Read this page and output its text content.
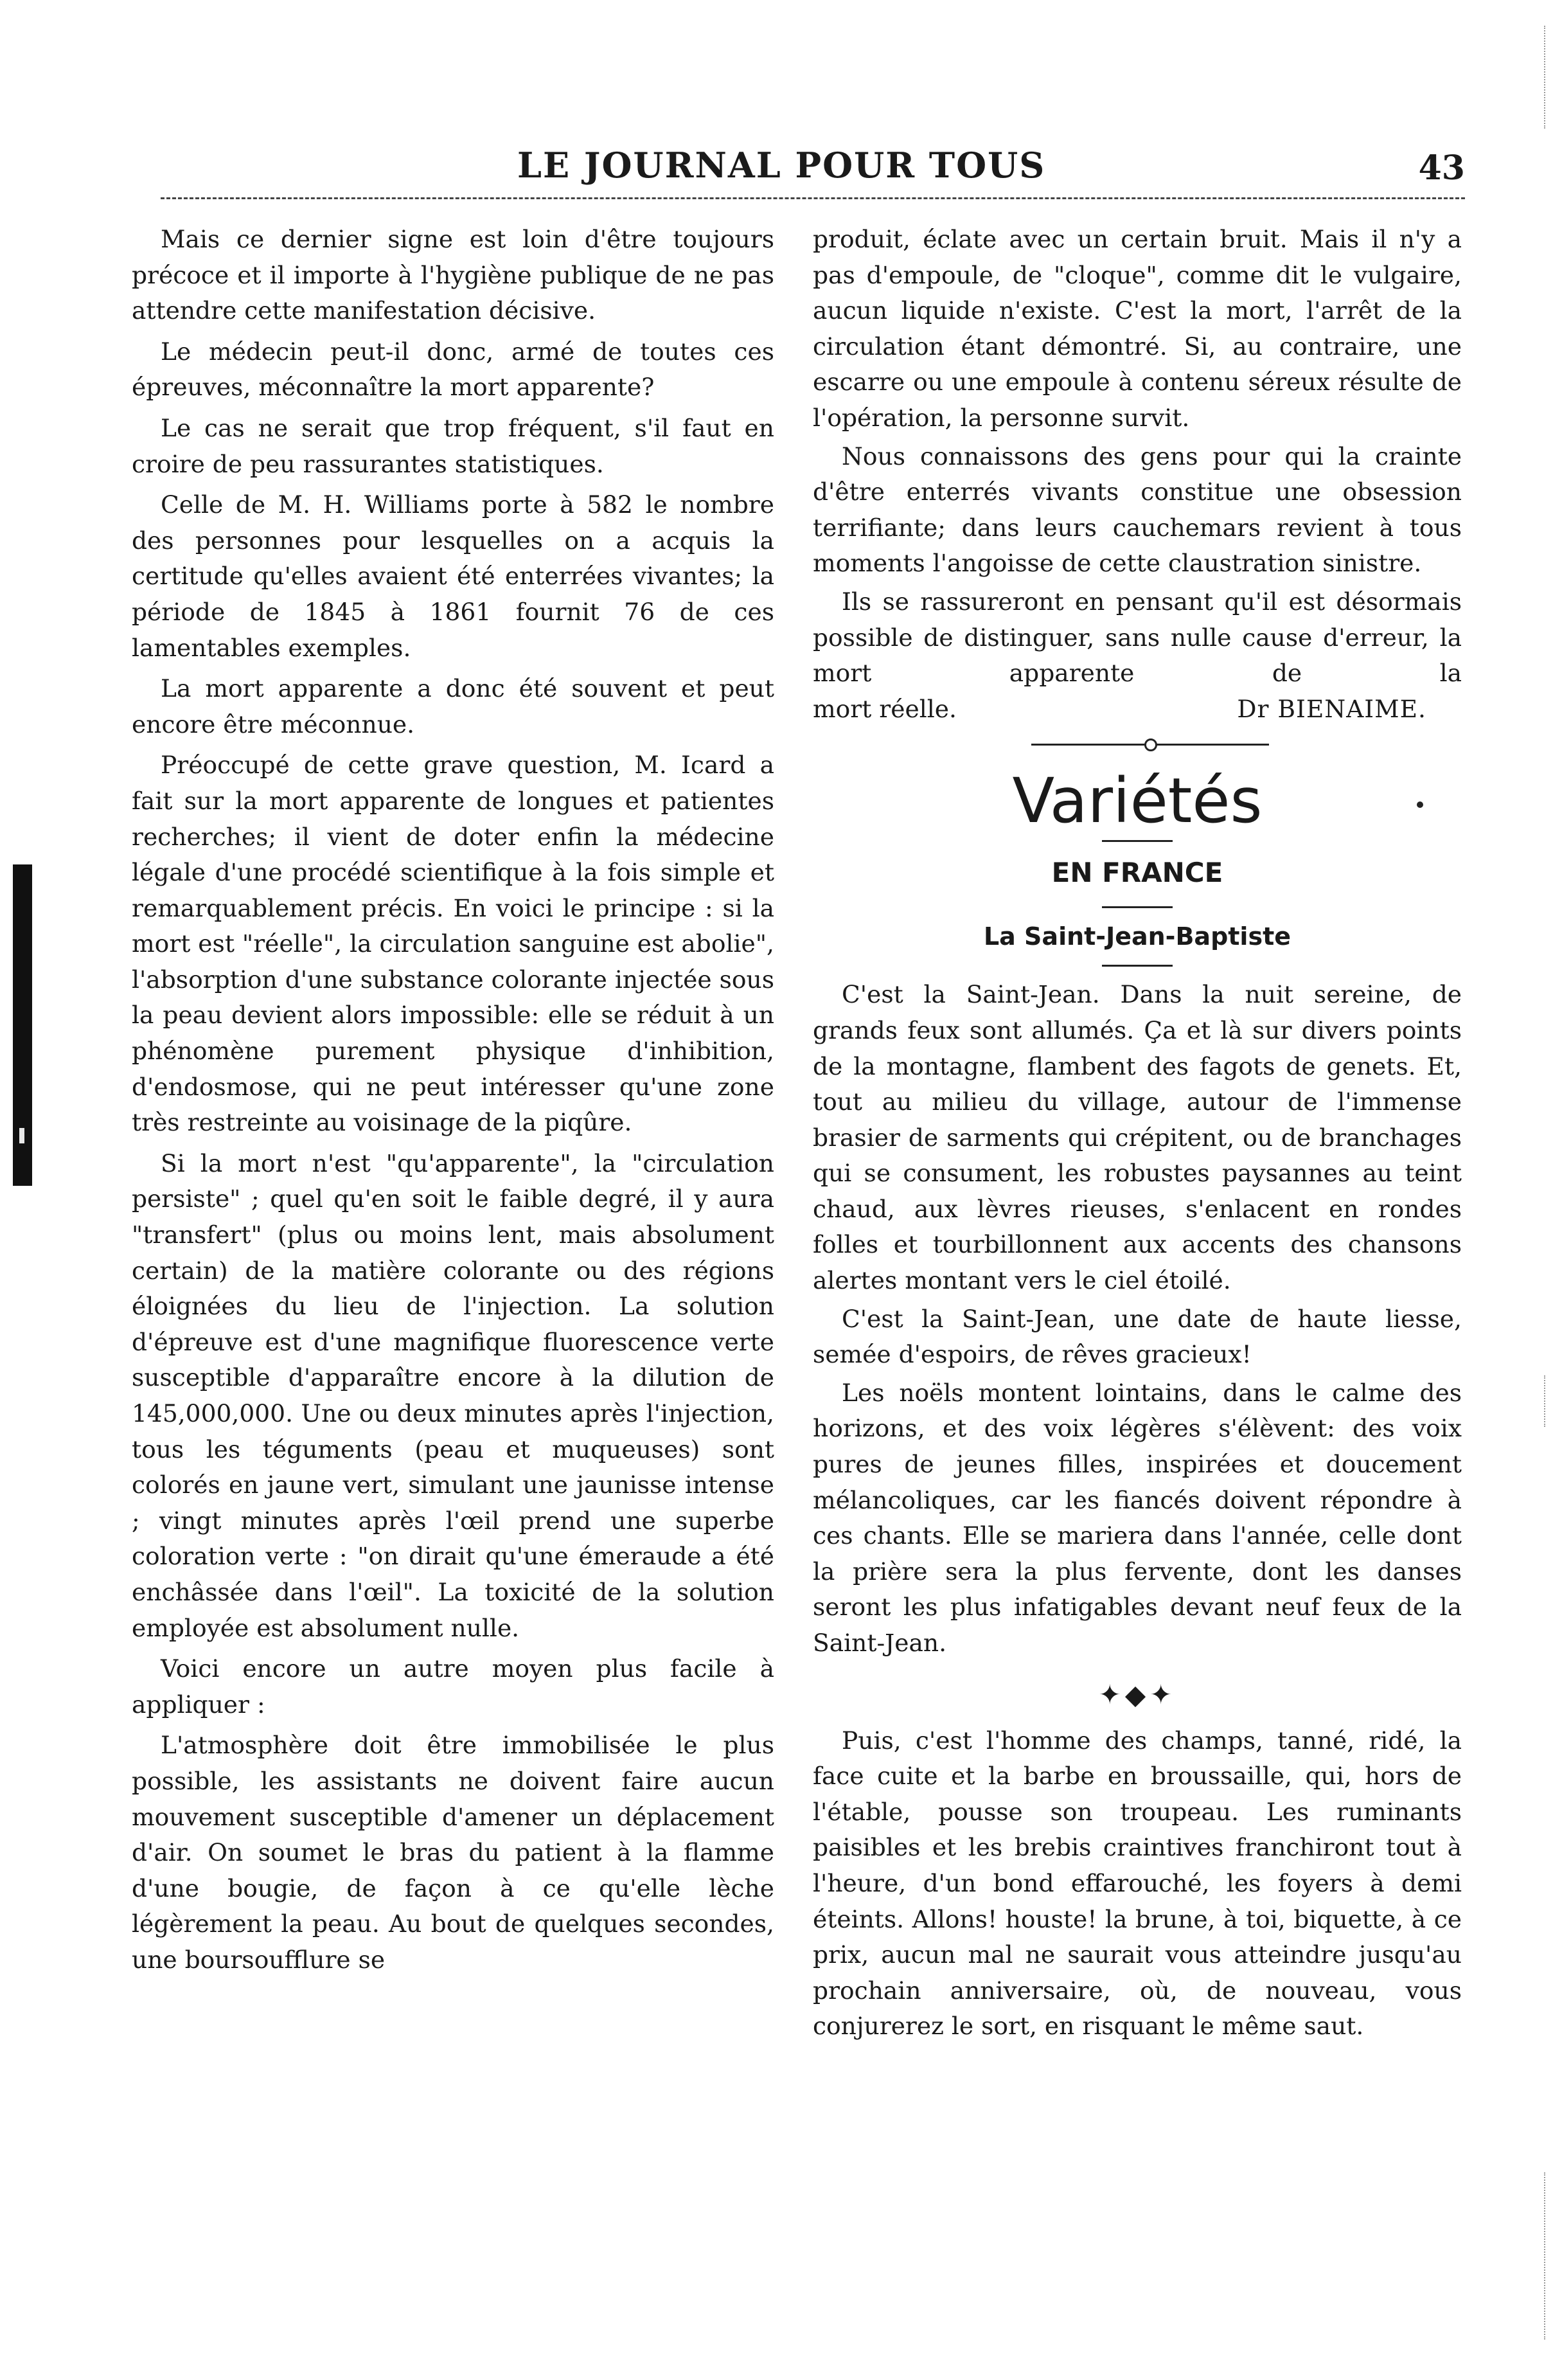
LE JOURNAL POUR TOUS	43

Mais ce dernier signe est loin d'être toujours précoce et il importe à l'hygiène publique de ne pas attendre cette manifestation décisive.

Le médecin peut-il donc, armé de toutes ces épreuves, méconnaître la mort apparente?

Le cas ne serait que trop fréquent, s'il faut en croire de peu rassurantes statistiques.

Celle de M. H. Williams porte à 582 le nombre des personnes pour lesquelles on a acquis la certitude qu'elles avaient été enterrées vivantes; la période de 1845 à 1861 fournit 76 de ces lamentables exemples.

La mort apparente a donc été souvent et peut encore être méconnue.

Préoccupé de cette grave question, M. Icard a fait sur la mort apparente de longues et patientes recherches; il vient de doter enfin la médecine légale d'une procédé scientifique à la fois simple et remarquablement précis. En voici le principe : si la mort est "réelle", la circulation sanguine est abolie", l'absorption d'une substance colorante injectée sous la peau devient alors impossible: elle se réduit à un phénomène purement physique d'inhibition, d'endosmose, qui ne peut intéresser qu'une zone très restreinte au voisinage de la piqûre.

Si la mort n'est "qu'apparente", la "circulation persiste" ; quel qu'en soit le faible degré, il y aura "transfert" (plus ou moins lent, mais absolument certain) de la matière colorante ou des régions éloignées du lieu de l'injection. La solution d'épreuve est d'une magnifique fluorescence verte susceptible d'apparaître encore à la dilution de 145,000,000. Une ou deux minutes après l'injection, tous les téguments (peau et muqueuses) sont colorés en jaune vert, simulant une jaunisse intense ; vingt minutes après l'œil prend une superbe coloration verte : "on dirait qu'une émeraude a été enchâssée dans l'œil". La toxicité de la solution employée est absolument nulle.

Voici encore un autre moyen plus facile à appliquer :

L'atmosphère doit être immobilisée le plus possible, les assistants ne doivent faire aucun mouvement susceptible d'amener un déplacement d'air. On soumet le bras du patient à la flamme d'une bougie, de façon à ce qu'elle lèche légèrement la peau. Au bout de quelques secondes, une boursoufflure se

produit, éclate avec un certain bruit. Mais il n'y a pas d'empoule, de "cloque", comme dit le vulgaire, aucun liquide n'existe. C'est la mort, l'arrêt de la circulation étant démontré. Si, au contraire, une escarre ou une empoule à contenu séreux résulte de l'opération, la personne survit.

Nous connaissons des gens pour qui la crainte d'être enterrés vivants constitue une obsession terrifiante; dans leurs cauchemars revient à tous moments l'angoisse de cette claustration sinistre.

Ils se rassureront en pensant qu'il est désormais possible de distinguer, sans nulle cause d'erreur, la mort apparente de la

mort réelle.	Dr BIENAIME.
Variétés
EN FRANCE
La Saint-Jean-Baptiste

C'est la Saint-Jean. Dans la nuit sereine, de grands feux sont allumés. Ça et là sur divers points de la montagne, flambent des fagots de genets. Et, tout au milieu du village, autour de l'immense brasier de sarments qui crépitent, ou de branchages qui se consument, les robustes paysannes au teint chaud, aux lèvres rieuses, s'enlacent en rondes folles et tourbillonnent aux accents des chansons alertes montant vers le ciel étoilé.

C'est la Saint-Jean, une date de haute liesse, semée d'espoirs, de rêves gracieux!

Les noëls montent lointains, dans le calme des horizons, et des voix légères s'élèvent: des voix pures de jeunes filles, inspirées et doucement mélancoliques, car les fiancés doivent répondre à ces chants. Elle se mariera dans l'année, celle dont la prière sera la plus fervente, dont les danses seront les plus infatigables devant neuf feux de la Saint-Jean.

✦◆✦

Puis, c'est l'homme des champs, tanné, ridé, la face cuite et la barbe en broussaille, qui, hors de l'étable, pousse son troupeau. Les ruminants paisibles et les brebis craintives franchiront tout à l'heure, d'un bond effarouché, les foyers à demi éteints. Allons! houste! la brune, à toi, biquette, à ce prix, aucun mal ne saurait vous atteindre jusqu'au prochain anniversaire, où, de nouveau, vous conjurerez le sort, en risquant le même saut.
